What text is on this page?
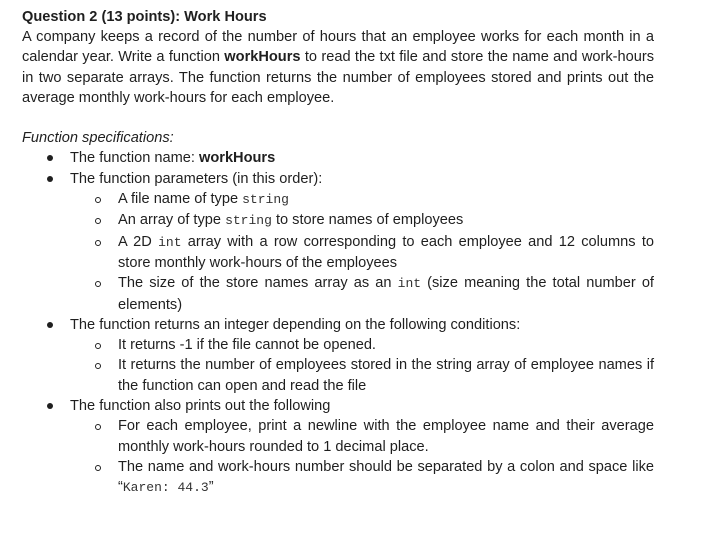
Question 2 (13 points): Work Hours

A company keeps a record of the number of hours that an employee works for each month in a calendar year. Write a function workHours to read the txt file and store the name and work-hours in two separate arrays. The function returns the number of employees stored and prints out the average monthly work-hours for each employee.

Function specifications:

The function name: workHours
The function parameters (in this order):
A file name of type string
An array of type string to store names of employees
A 2D int array with a row corresponding to each employee and 12 columns to store monthly work-hours of the employees
The size of the store names array as an int (size meaning the total number of elements)
The function returns an integer depending on the following conditions:
It returns -1 if the file cannot be opened.
It returns the number of employees stored in the string array of employee names if the function can open and read the file
The function also prints out the following
For each employee, print a newline with the employee name and their average monthly work-hours rounded to 1 decimal place.
The name and work-hours number should be separated by a colon and space like “Karen: 44.3”
